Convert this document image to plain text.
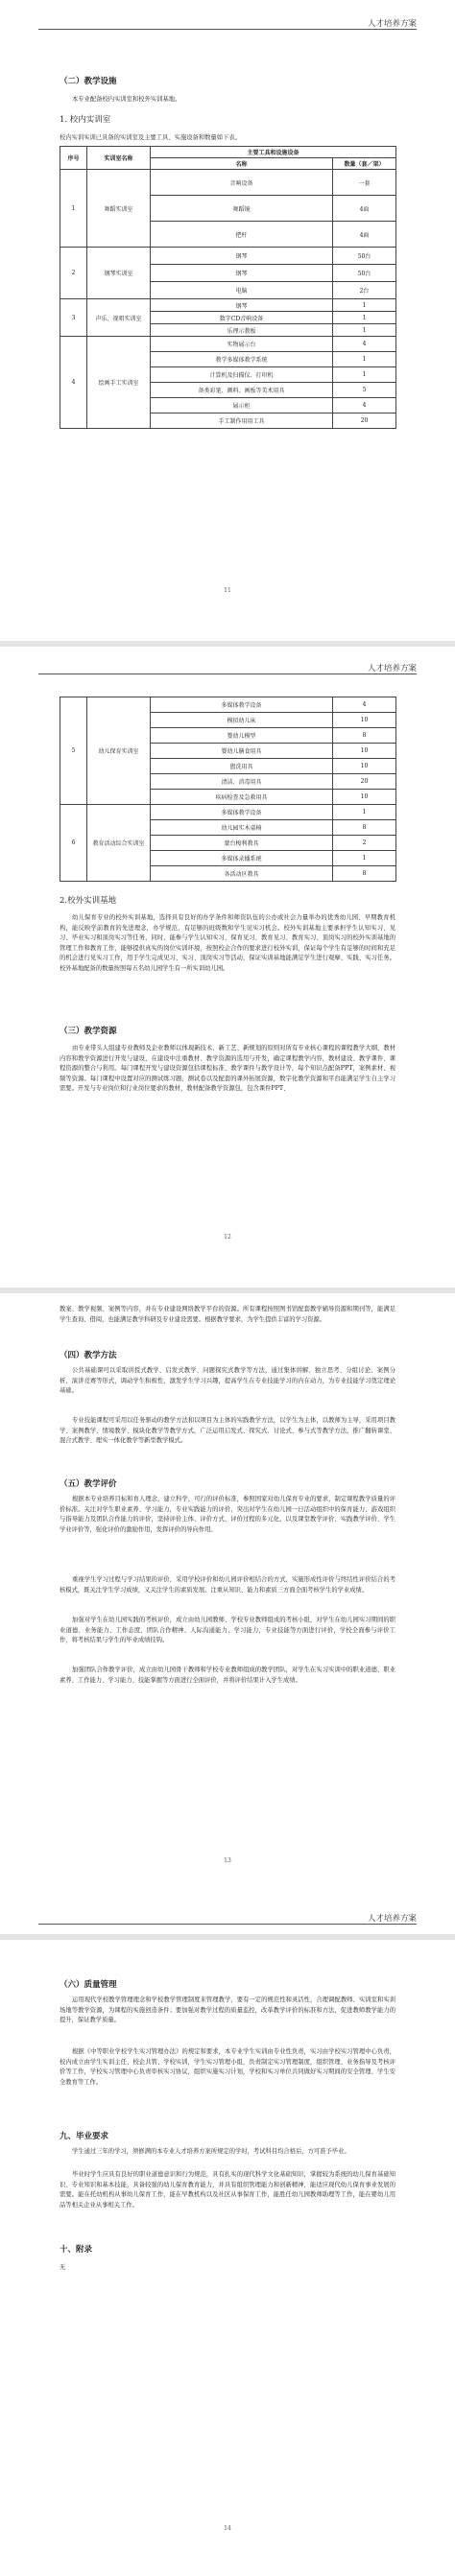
人才培养方案
（二）教学设施
本专业配备校内实训室和校外实训基地。
1. 校内实训室
校内实训实训已具备的实训室及主要工具、实施设备和数量如下表。
序号	实训室名称	主要工具和设施设备	
		名称	数量（套／架）
1	舞蹈实训室	音响设备	一套
		舞蹈镜	4面
		把杆	4面
2	钢琴实训室	钢琴	50台
		钢琴	50台
		电脑	2台
3	声乐、视唱实训室	钢琴	1
		数字CD音响设备	1
		乐理示教板	1
4	绘画手工实训室	实物展示台	4
		教学多媒体教学系统	1
		计算机及扫描仪、打印机	1
		备类彩笔、颜料、画板等美术用具	5
		展示柜	4
		手工制作用用工具	20
11
人才培养方案
5	幼儿保育实训室	多媒体教学设备	4
		模拟幼儿床	10
		婴幼儿模型	8
		婴幼儿膳食用具	10
		盥洗用具	10
		清洁、消毒用具	20
		疾病检查及急救用具	10
6	教育活动综合实训室	多媒体教学设备	1
		幼儿园实木桌椅	8
		蒙台梭利教具	2
		多媒体录播系统	1
		各活动区教具	8
2.校外实训基地
幼儿保育专业的校外实训基地，选择具有良好的办学条件和师资队伍的公办或社会力量举办的优秀幼儿园、早期教育机构，能反映学前教育的先进理念，办学规范，有足够的班级数和学生见实习机会。校外实训基地主要承担学生认知实习、见习、毕业实习和顶岗实习等任务，同时，能参与学生认知实习、保育见习、教育见习、教育实习、顶岗实习的校外实训基地的管理工作和教育工作，能够提供真实的岗位实训环境，按照校企合作的要求进行校外实训，保证每个学生有足够的时间和充足的机会进行见实习工作，用于学生完成见习、实习、顶岗实习等活动，保证实训基地能满足学生进行观摩、实践、实习任务。校外基地配备的数量按照每五名幼儿园学生有一所实训幼儿园。
（三）教学资源
由专业带头人组建专业教师及企业教师以体现新技术、新工艺、新规划的原则对所有专业核心课程的课程教学大纲、教材内容和教学资源进行开发与建设，在建设中注重教材、教学资源的选用与开发，确定课程教学内容，教材建设、教学课件、课程资源的整合与利用。每门课程开发与建设资源包括课程标准、教学课件与教学设计等，每个知识点配备PPT，案例素材、视频等资源。每门课程中设置对应的测试练习题，测试卷以及配套的课外拓展资源，数字化教学资源和平台能满足学生自主学习需要。开发与专业岗位和行业岗位要求的教材，教材配备教学资源包，包含课件PPT、
12
教案、教学视频、案例等内容，并在专业建设网络教学平台的资源。所有课程按照图书馆配套教学辅导资源和期刊等，能满足学生查询、借阅，也能满足教学科研及专业建设需要。根据教学要求，为学生提供丰富的学习资源。
（四）教学方法
公共基础课可以采取讲授式教学、启发式教学、问题探究式教学等方法，通过集体讲解、独立思考、分组讨论、案例分析、演讲竞赛等形式，调动学生积极性，激发学生学习兴趣，提高学生在专业技能学习的内在动力，为专业技能学习奠定理论基础。
专业技能课程可采用以任务驱动的教学方法和以项目为主体的实践教学方法，以学生为主体，以教师为主导，采用项目教学、案例教学、情境教学、模块化教学等教学方式，广泛运用启发式、探究式、讨论式、参与式等教学方法，推广翻转课堂、混合式教学、理实一体化教学等新型教学模式。
（五）教学评价
根据本专业培养目标和育人理念，建立科学，可行的评价标准，参照国家对幼儿保育专业的要求，制定课程教学质量的评价标准。关注对学生职业素养、学习能力，专业实践能力的评价，突出对学生在幼儿园一日活动组织中的保育能力、游戏组织与指导能力及团队合作能力的评价，坚持评价主体、评价方式、评价过程的多元化，以及课堂教学评价、实践教学评价、学生学业评价等，强化评价的激励作用，发挥评价的导向作用。
重视学生学习过程与学习结果的评价，采用学校评价和幼儿园评价相结合的方式，实施形成性评价与终结性评价结合的考核模式，既关注学生学习成绩，又关注学生的素质发展。注重从知识、能力和素质三方面全面考核学生的学业成绩。
加强对学生在幼儿园实践的考核评价，成立由幼儿园教师、学校专业教师组成的考核小组，对学生在幼儿园实习期间的职业道德、业务能力、工作态度、团队合作精神、人际沟通能力、学习能力，专业技能等方面进行评价，学校全面参与评价工作，将考核结果与学生的毕业成绩挂钩。
加强团队合作教学评价，成立由幼儿园骨干教师和学校专业教师组成的教学团队，对学生在实习实训中的职业道德、职业素养、工作能力、学习能力、技能掌握等方面进行全面评价，并将评价结果计入学生成绩。
13
人才培养方案
（六）质量管理
运用现代学校教学管理理念和学校教学管理制度来管理教学，要有一定的规范性和灵活性，合理调配教师、实训室和实训场地等教学资源，为课程的实施创造条件；要加强对教学过程的质量监控，改革教学评价的标准和方法，促进教师教学能力的提升，保证教学质量。
根据《中等职业学校学生实习管理办法》的规定和要求，本专业学生实训由专业性负责，实习由学校实习管理中心负责，校内成立由学生实训主任、校企共管、学校实训，学生实习管理小组，负责制定实习管理制度，组织管理、业务指导及考核评价等工作，学校实习管理中心负责审核实习协议，组织实施实习计划，学校和实习单位共同做好实习期间的安全管理、学生安全教育等工作。
九、毕业要求
学生通过三年的学习，须修满的本专业人才培养方案所规定的学时，考试科目均合格后，方可准予毕业。
毕业时学生应具有良好的职业道德意识和行为规范，具有扎实的现代科学文化基础知识，掌握较为系统的幼儿保育基础知识、专业知识和基本技能，具备较强的幼儿保育教育能力，并具有组织管理能力和创新精神，能适应现代幼儿保育事业发展的需要。能在托幼机构从事幼儿保育工作，能在早教机构以及社区从事保育工作，能胜任幼儿园教师助理等工作，能在婴幼儿用品等相关企业从事相关工作。
十、附录
无
14
